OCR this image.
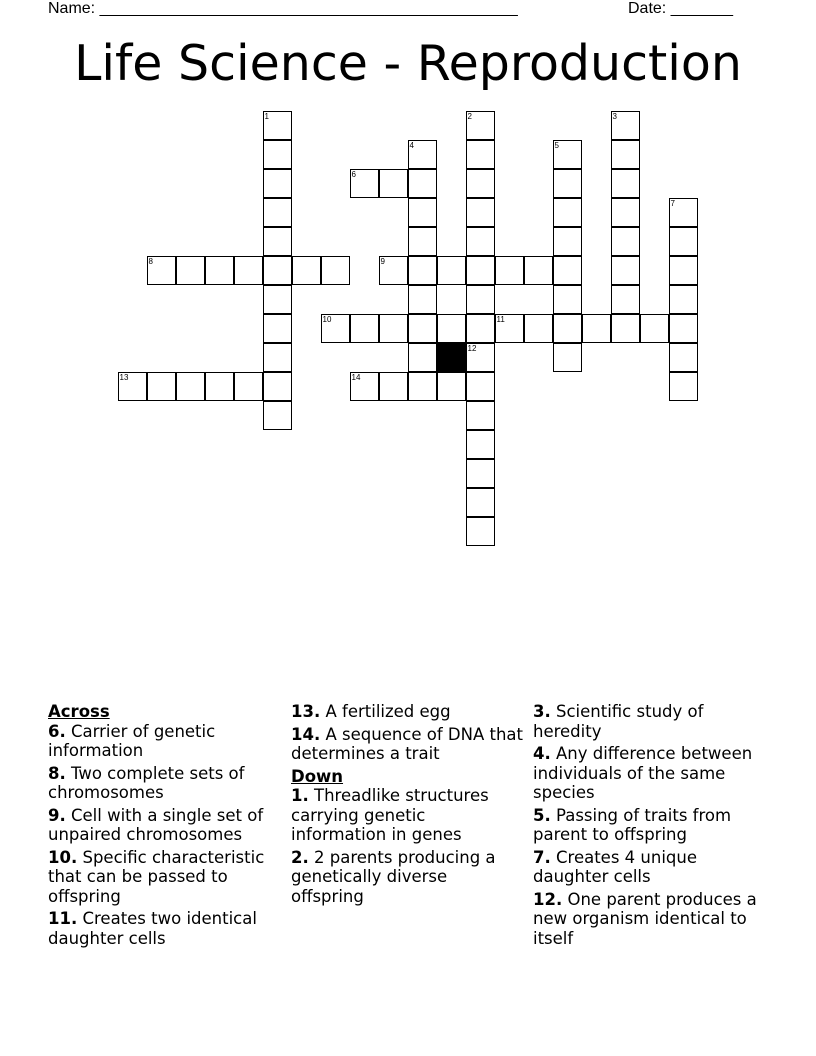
Name: _______________________________________________	Date: _______
Life Science - Reproduction
1	2	3
4	5
6
7
8	9
10	11
12
13	14
Across
6. Carrier of genetic information
8. Two complete sets of chromosomes
9. Cell with a single set of unpaired chromosomes
10. Specific characteristic that can be passed to offspring
11. Creates two identical daughter cells
13. A fertilized egg
14. A sequence of DNA that determines a trait
Down
1. Threadlike structures carrying genetic information in genes
2. 2 parents producing a genetically diverse offspring
3. Scientific study of heredity
4. Any difference between individuals of the same species
5. Passing of traits from parent to offspring
7. Creates 4 unique daughter cells
12. One parent produces a new organism identical to itself
